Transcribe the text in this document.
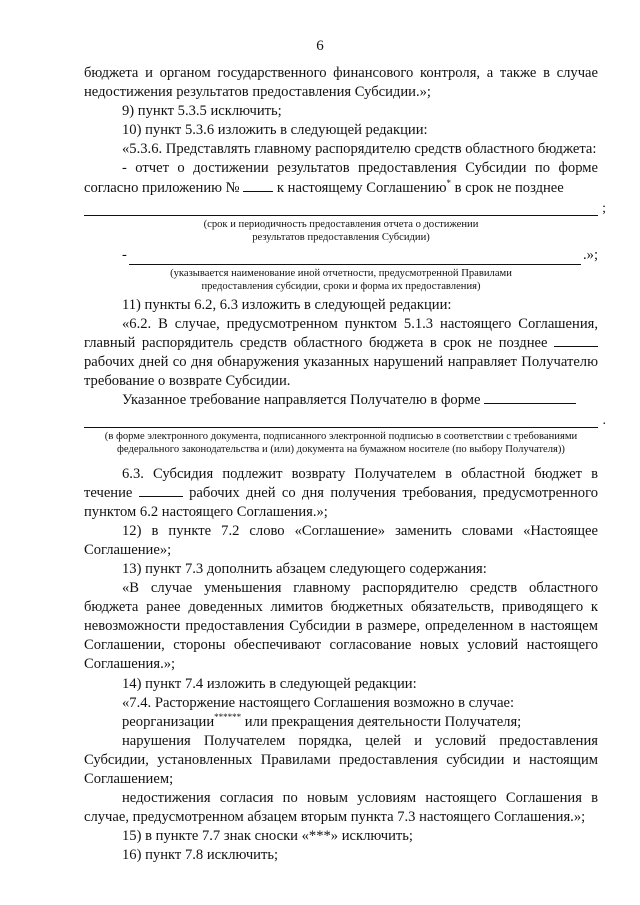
6

бюджета и органом государственного финансового контроля, а также в случае недостижения результатов предоставления Субсидии.»;

9) пункт 5.3.5 исключить;

10) пункт 5.3.6 изложить в следующей редакции:

«5.3.6. Представлять главному распорядителю средств областного бюджета:

- отчет о достижении результатов предоставления Субсидии по форме согласно приложению №	к настоящему Соглашению* в срок не позднее

;

(срок и периодичность предоставления отчета о достижении результатов предоставления Субсидии)

-	.»;

(указывается наименование иной отчетности, предусмотренной Правилами предоставления субсидии, сроки и форма их предоставления)

11) пункты 6.2, 6.3 изложить в следующей редакции:

«6.2. В случае, предусмотренном пунктом 5.1.3 настоящего Соглашения, главный распорядитель средств областного бюджета в срок не позднее  рабочих дней со дня обнаружения указанных нарушений направляет Получателю требование о возврате Субсидии.

Указанное требование направляется Получателю в форме

.

(в форме электронного документа, подписанного электронной подписью в соответствии с требованиями федерального законодательства и (или) документа на бумажном носителе (по выбору Получателя))

6.3. Субсидия подлежит возврату Получателем в областной бюджет в течение	рабочих дней со дня получения требования, предусмотренного пунктом 6.2 настоящего Соглашения.»;

12) в пункте 7.2 слово «Соглашение» заменить словами «Настоящее Соглашение»;

13) пункт 7.3 дополнить абзацем следующего содержания:

«В случае уменьшения главному распорядителю средств областного бюджета ранее доведенных лимитов бюджетных обязательств, приводящего к невозможности предоставления Субсидии в размере, определенном в настоящем Соглашении, стороны обеспечивают согласование новых условий настоящего Соглашения.»;

14) пункт 7.4 изложить в следующей редакции:

«7.4. Расторжение настоящего Соглашения возможно в случае:

реорганизации****** или прекращения деятельности Получателя;

нарушения Получателем порядка, целей и условий предоставления Субсидии, установленных Правилами предоставления субсидии и настоящим Соглашением;

недостижения согласия по новым условиям настоящего Соглашения в случае, предусмотренном абзацем вторым пункта 7.3 настоящего Соглашения.»;

15) в пункте 7.7 знак сноски «***» исключить;

16) пункт 7.8 исключить;
